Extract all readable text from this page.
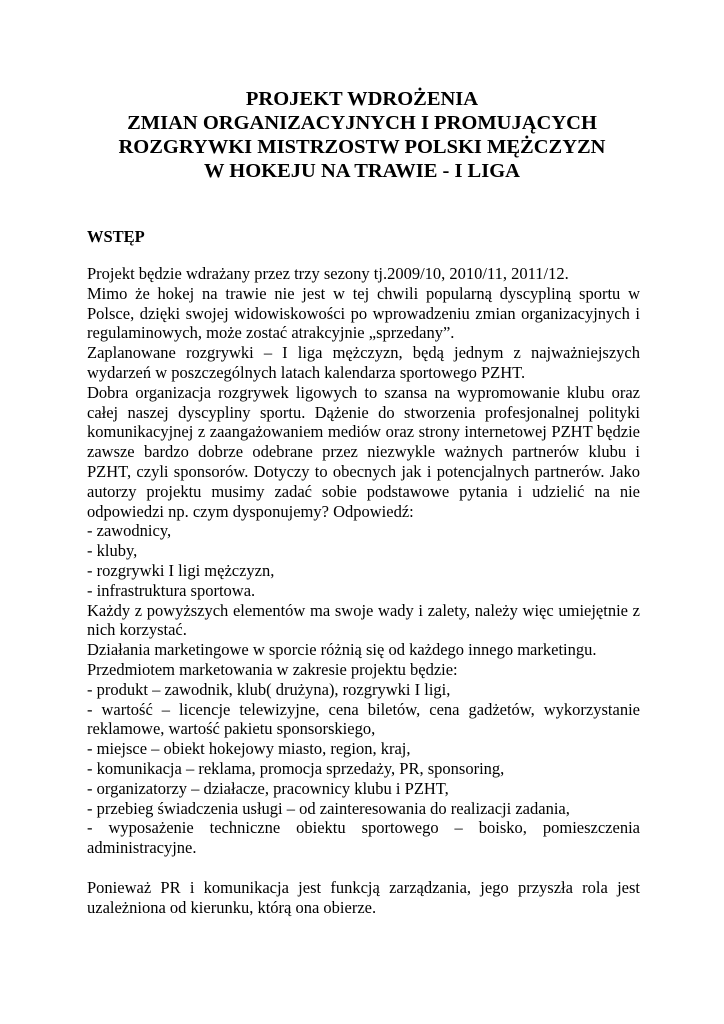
PROJEKT WDROŻENIA
ZMIAN ORGANIZACYJNYCH I PROMUJĄCYCH
ROZGRYWKI MISTRZOSTW POLSKI MĘŻCZYZN
W HOKEJU NA TRAWIE - I LIGA
WSTĘP

Projekt będzie wdrażany przez trzy sezony tj.2009/10, 2010/11, 2011/12.

Mimo że hokej na trawie nie jest w tej chwili popularną dyscypliną sportu w Polsce, dzięki swojej widowiskowości po wprowadzeniu zmian organizacyjnych i regulaminowych, może zostać atrakcyjnie „sprzedany”.

Zaplanowane rozgrywki – I liga mężczyzn, będą jednym z najważniejszych wydarzeń w poszczególnych latach kalendarza sportowego PZHT.

Dobra organizacja rozgrywek ligowych to szansa na wypromowanie klubu oraz całej naszej dyscypliny sportu. Dążenie do stworzenia profesjonalnej polityki komunikacyjnej z zaangażowaniem mediów oraz strony internetowej PZHT będzie zawsze bardzo dobrze odebrane przez niezwykle ważnych partnerów klubu i PZHT, czyli sponsorów. Dotyczy to obecnych jak i potencjalnych partnerów. Jako autorzy projektu musimy zadać sobie podstawowe pytania i udzielić na nie odpowiedzi np. czym dysponujemy? Odpowiedź:

- zawodnicy,

- kluby,

- rozgrywki I ligi mężczyzn,

- infrastruktura sportowa.

Każdy z powyższych elementów ma swoje wady i zalety, należy więc umiejętnie z nich korzystać.

Działania marketingowe w sporcie różnią się od każdego innego marketingu.

Przedmiotem marketowania w zakresie projektu będzie:

- produkt – zawodnik, klub( drużyna), rozgrywki I ligi,

- wartość – licencje telewizyjne, cena biletów, cena gadżetów, wykorzystanie reklamowe, wartość pakietu sponsorskiego,

- miejsce – obiekt hokejowy miasto, region, kraj,

- komunikacja – reklama, promocja sprzedaży, PR, sponsoring,

- organizatorzy – działacze, pracownicy klubu i PZHT,

- przebieg świadczenia usługi – od zainteresowania do realizacji zadania,

- wyposażenie techniczne obiektu sportowego – boisko, pomieszczenia administracyjne.

Ponieważ PR i komunikacja jest funkcją zarządzania, jego przyszła rola jest uzależniona od kierunku, którą ona obierze.
